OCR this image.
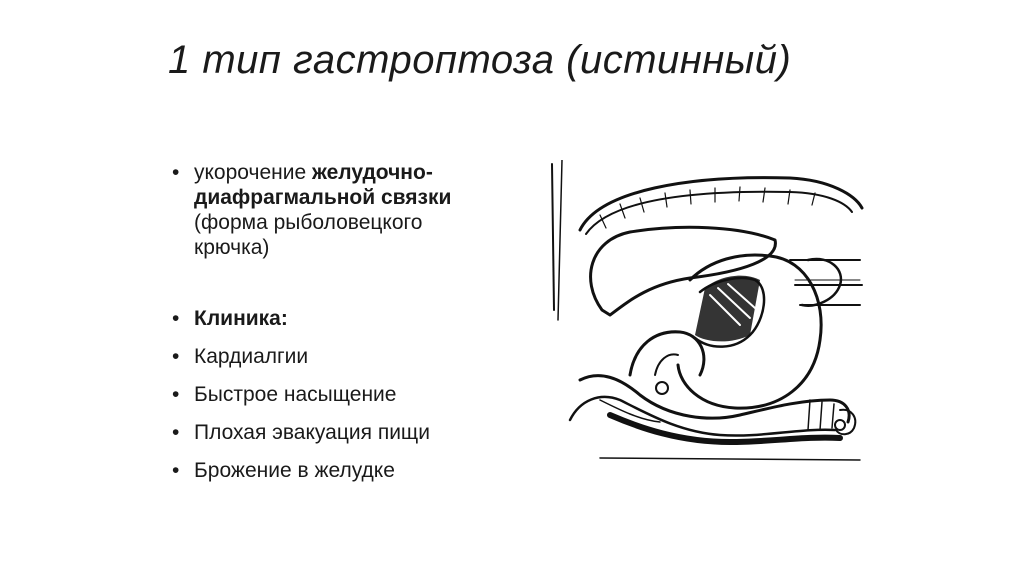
1 тип гастроптоза (истинный)
• укорочение желудочно-диафрагмальной связки (форма рыболовецкого крючка)
• Клиника:
• Кардиалгии
• Быстрое насыщение
• Плохая эвакуация пищи
• Брожение в желудке
